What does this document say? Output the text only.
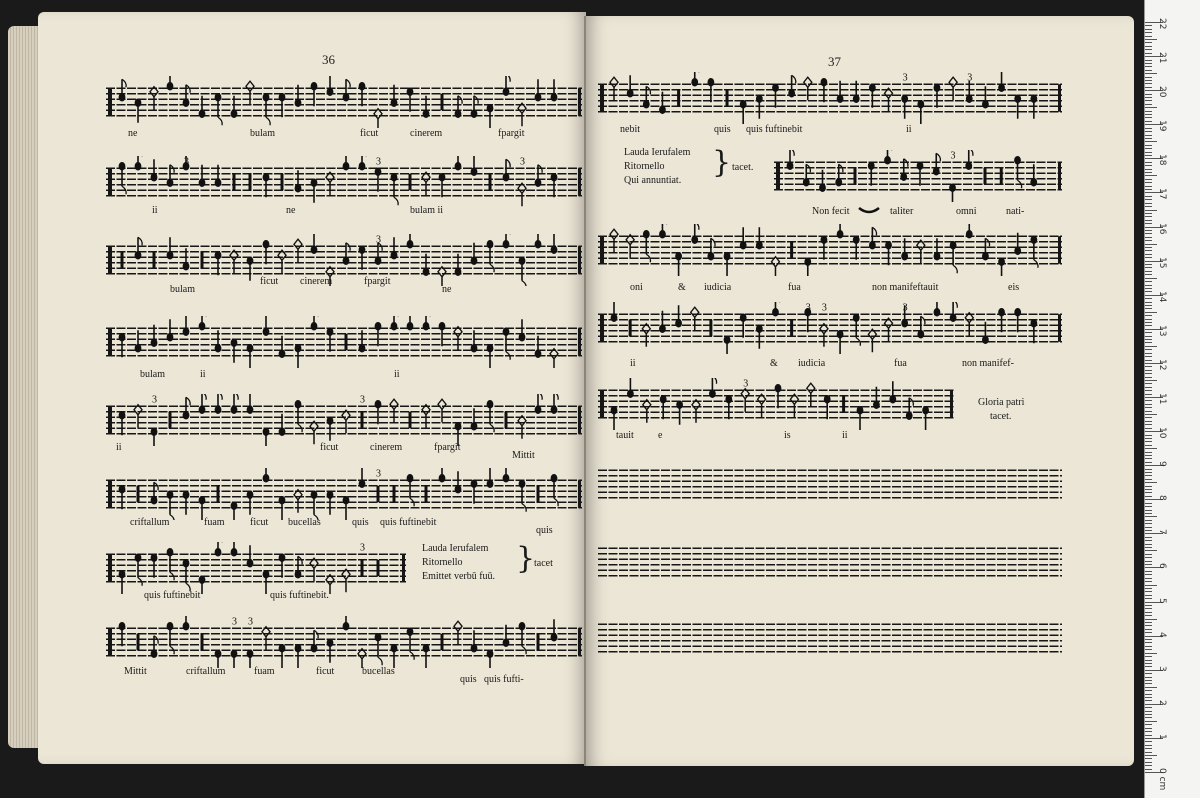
36
ne	bulam	ficut	cinerem	fpargit
3	3	3
ii	ne	bulam ii
3
bulam
ficut cinerem	fpargit
ne
bulam	ii	ii
3	3
ii	ficut	cinerem	fpargit
Mittit
3
criftallum	fuam	ficut bucellas	quis quis fuftinebit
quis
3
quis fuftinebit	quis fuftinebit.
Lauda Ierufalem
Ritornello
Emittet verbū fuū.
}
tacet
3 3
Mittit	criftallum	fuam	ficut	bucellas
quis quis fufti-
37
3	3
nebit	quis quis fuftinebit	ii
Lauda Ierufalem
Ritornello
Qui annuntiat.
} tacet.
3
Non fecit	taliter	omni	nati-
oni	& iudicia	fua	non manifeftauit	eis
3 3	3
ii	& iudicia	fua	non manifef-
3
tauit e	is	ii
Gloria patri
tacet.
0 cm
1
2
3
4
5
6
7
8
9
10
11
12
13
14
15
16
17
18
19
20
21
22
